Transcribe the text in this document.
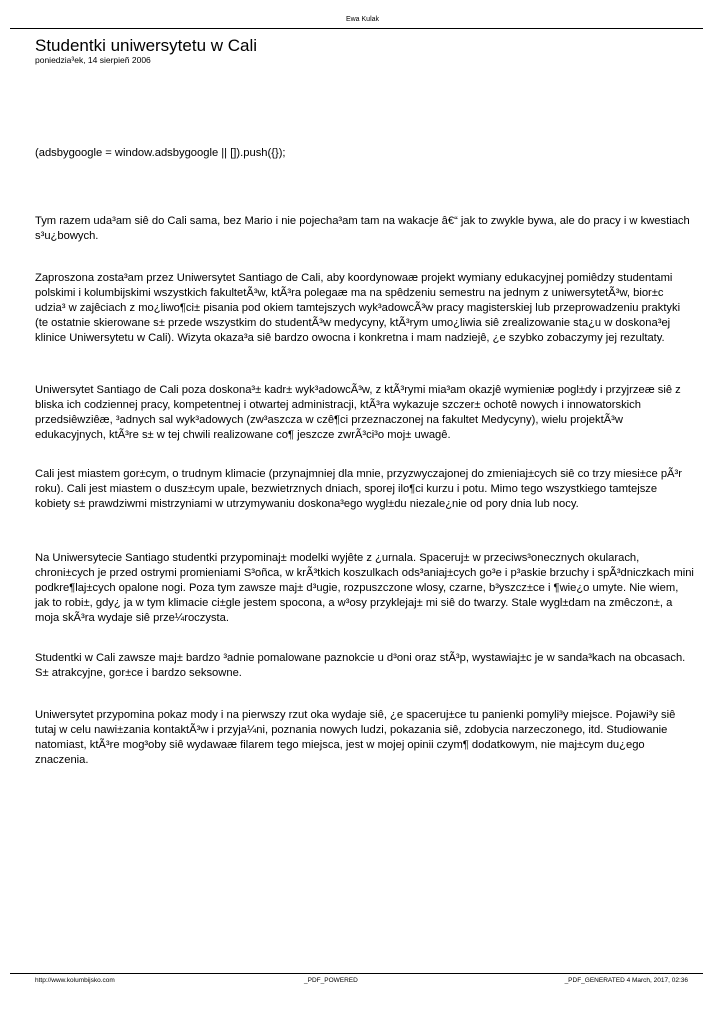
Ewa Kulak
Studentki uniwersytetu w Cali
poniedzia³ek, 14 sierpieñ 2006

(adsbygoogle = window.adsbygoogle || []).push({});

Tym razem uda³am siê do Cali sama, bez Mario i nie pojecha³am tam na wakacje â€“ jak to zwykle bywa, ale do pracy i w kwestiach s³u¿bowych.

Zaproszona zosta³am przez Uniwersytet Santiago de Cali, aby koordynowaæ projekt wymiany edukacyjnej pomiêdzy studentami polskimi i kolumbijskimi wszystkich fakultetÃ³w, ktÃ³ra polegaæ ma na spêdzeniu semestru na jednym z uniwersytetÃ³w, bior±c udzia³ w zajêciach z mo¿liwo¶ci± pisania pod okiem tamtejszych wyk³adowcÃ³w pracy magisterskiej lub przeprowadzeniu praktyki (te ostatnie skierowane s± przede wszystkim do studentÃ³w medycyny, ktÃ³rym umo¿liwia siê zrealizowanie sta¿u w doskona³ej klinice Uniwersytetu w Cali). Wizyta okaza³a siê bardzo owocna i konkretna i mam nadziejê, ¿e szybko zobaczymy jej rezultaty.

Uniwersytet Santiago de Cali poza doskona³± kadr± wyk³adowcÃ³w, z ktÃ³rymi mia³am okazjê wymieniæ pogl±dy i przyjrzeæ siê z bliska ich codziennej pracy, kompetentnej i otwartej administracji, ktÃ³ra wykazuje szczer± ochotê nowych i innowatorskich przedsiêwziêæ, ³adnych sal wyk³adowych (zw³aszcza w czê¶ci przeznaczonej na fakultet Medycyny), wielu projektÃ³w edukacyjnych, ktÃ³re s± w tej chwili realizowane co¶ jeszcze zwrÃ³ci³o moj± uwagê.

Cali jest miastem gor±cym, o trudnym klimacie (przynajmniej dla mnie, przyzwyczajonej do zmieniaj±cych siê co trzy miesi±ce pÃ³r roku). Cali jest miastem o dusz±cym upale, bezwietrznych dniach, sporej ilo¶ci kurzu i potu. Mimo tego wszystkiego tamtejsze kobiety s± prawdziwmi mistrzyniami w utrzymywaniu doskona³ego wygl±du niezale¿nie od pory dnia lub nocy.

Na Uniwersytecie Santiago studentki przypominaj± modelki wyjête z ¿urnala. Spaceruj± w przeciws³onecznych okularach, chroni±cych je przed ostrymi promieniami S³oñca, w krÃ³tkich koszulkach ods³aniaj±cych go³e i p³askie brzuchy i spÃ³dniczkach mini podkre¶laj±cych opalone nogi. Poza tym zawsze maj± d³ugie, rozpuszczone wlosy, czarne, b³yszcz±ce i ¶wie¿o umyte. Nie wiem, jak to robi±, gdy¿ ja w tym klimacie ci±gle jestem spocona, a w³osy przyklejaj± mi siê do twarzy. Stale wygl±dam na zmêczon±, a moja skÃ³ra wydaje siê prze¼roczysta.

Studentki w Cali zawsze maj± bardzo ³adnie pomalowane paznokcie u d³oni oraz stÃ³p, wystawiaj±c je w sanda³kach na obcasach. S± atrakcyjne, gor±ce i bardzo seksowne.

Uniwersytet przypomina pokaz mody i na pierwszy rzut oka wydaje siê, ¿e spaceruj±ce tu panienki pomyli³y miejsce. Pojawi³y siê tutaj w celu nawi±zania kontaktÃ³w i przyja¼ni, poznania nowych ludzi, pokazania siê, zdobycia narzeczonego, itd. Studiowanie natomiast, ktÃ³re mog³oby siê wydawaæ filarem tego miejsca, jest w mojej opinii czym¶ dodatkowym, nie maj±cym du¿ego znaczenia.

http://www.kolumbijsko.com	_PDF_POWERED	_PDF_GENERATED 4 March, 2017, 02:36
